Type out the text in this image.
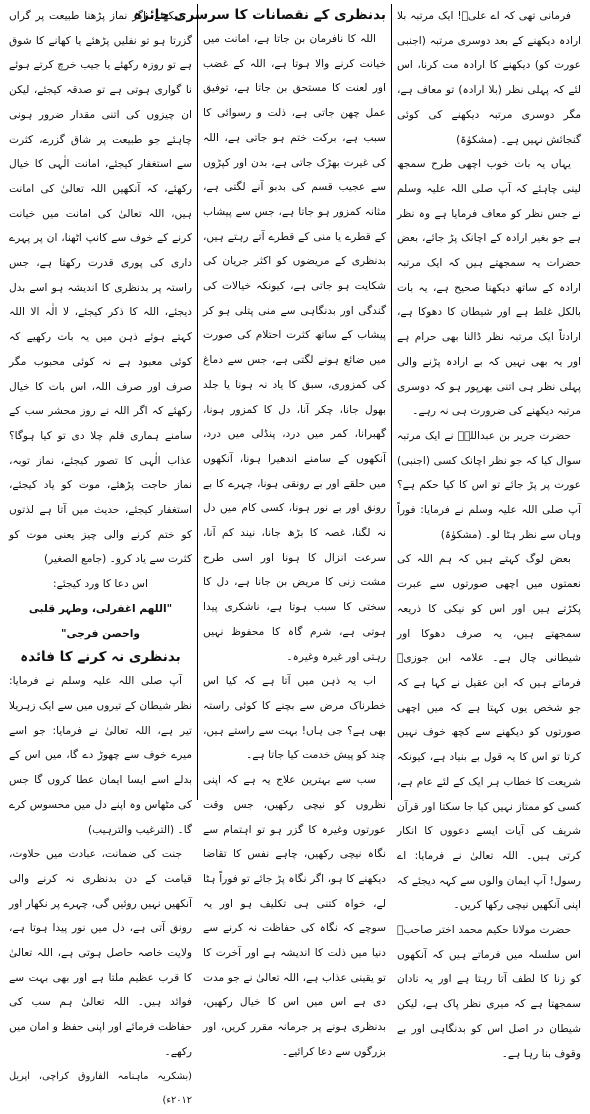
فرمانی تھی کہ اے علیؓ! ایک مرتبہ بلا ارادہ دیکھنے کے بعد دوسری مرتبہ (اجنبی عورت کو) دیکھنے کا ارادہ مت کرنا، اس لئے کہ پہلی نظر (بلا ارادہ) تو معاف ہے، مگر دوسری مرتبہ دیکھنے کی کوئی گنجائش نہیں ہے۔ (مشکوٰۃ)

یہاں یہ بات خوب اچھی طرح سمجھ لینی چاہئے کہ آپ صلی اللہ علیہ وسلم نے جس نظر کو معاف فرمایا ہے وہ نظر ہے جو بغیر ارادہ کے اچانک پڑ جائے، بعض حضرات یہ سمجھتے ہیں کہ ایک مرتبہ ارادہ کے ساتھ دیکھنا صحیح ہے، یہ بات بالکل غلط ہے اور شیطان کا دھوکا ہے، ارادتاً ایک مرتبہ نظر ڈالنا بھی حرام ہے اور یہ بھی نہیں کہ بے ارادہ پڑنے والی پہلی نظر ہی اتنی بھرپور ہو کہ دوسری مرتبہ دیکھنے کی ضرورت ہی نہ رہے۔

حضرت جریر بن عبداللہؓ نے ایک مرتبہ سوال کیا کہ جو نظر اچانک کسی (اجنبی) عورت پر پڑ جائے تو اس کا کیا حکم ہے؟ آپ صلی اللہ علیہ وسلم نے فرمایا: فوراً وہاں سے نظر ہٹا لو۔ (مشکوٰۃ)

بعض لوگ کہتے ہیں کہ ہم اللہ کی نعمتوں میں اچھی صورتوں سے عبرت پکڑتے ہیں اور اس کو نیکی کا ذریعہ سمجھتے ہیں، یہ صرف دھوکا اور شیطانی چال ہے۔ علامہ ابن جوزیؒ فرماتے ہیں کہ ابن عقیل نے کہا ہے کہ جو شخص یوں کہتا ہے کہ میں اچھی صورتوں کو دیکھنے سے کچھ خوف نہیں کرتا تو اس کا یہ قول بے بنیاد ہے، کیونکہ شریعت کا خطاب ہر ایک کے لئے عام ہے، کسی کو ممتاز نہیں کیا جا سکتا اور قرآن شریف کی آیات ایسے دعووں کا انکار کرتی ہیں۔ اللہ تعالیٰ نے فرمایا: اے رسول! آپ ایمان والوں سے کہہ دیجئے کہ اپنی آنکھیں نیچی رکھا کریں۔

حضرت مولانا حکیم محمد اختر صاحبؒ اس سلسلہ میں فرماتے ہیں کہ آنکھوں کو زنا کا لطف آتا رہتا ہے اور یہ نادان سمجھتا ہے کہ میری نظر پاک ہے، لیکن شیطان در اصل اس کو بدنگاہی اور بے وقوف بنا رہا ہے۔

بدنظری کے نقصانات کا سرسری جائزہ

اللہ کا نافرمان بن جاتا ہے، امانت میں خیانت کرنے والا ہوتا ہے، اللہ کے غضب اور لعنت کا مستحق بن جاتا ہے، توفیق عمل چھن جاتی ہے، ذلت و رسوائی کا سبب ہے، برکت ختم ہو جاتی ہے، اللہ کی غیرت بھڑک جاتی ہے، بدن اور کپڑوں سے عجیب قسم کی بدبو آنے لگتی ہے، مثانہ کمزور ہو جاتا ہے، جس سے پیشاب کے قطرے یا منی کے قطرے آتے رہتے ہیں، بدنظری کے مریضوں کو اکثر جریان کی شکایت ہو جاتی ہے، کیونکہ خیالات کی گندگی اور بدنگاہی سے منی پتلی ہو کر پیشاب کے ساتھ کثرت احتلام کی صورت میں ضائع ہونے لگتی ہے، جس سے دماغ کی کمزوری، سبق کا یاد نہ ہونا یا جلد بھول جانا، چکر آنا، دل کا کمزور ہونا، گھبرانا، کمر میں درد، پنڈلی میں درد، آنکھوں کے سامنے اندھیرا ہونا، آنکھوں میں حلقے اور بے رونقی ہونا، چہرے کا بے رونق اور بے نور ہونا، کسی کام میں دل نہ لگنا، غصہ کا بڑھ جانا، نیند کم آنا، سرعت انزال کا ہونا اور اسی طرح مشت زنی کا مریض بن جانا ہے، دل کا سختی کا سبب ہوتا ہے، ناشکری پیدا ہوتی ہے، شرم گاہ کا محفوظ نہیں رہتی اور غیرہ وغیرہ۔

اب یہ ذہن میں آتا ہے کہ کیا اس خطرناک مرض سے بچنے کا کوئی راستہ بھی ہے؟ جی ہاں! بہت سے راستے ہیں، چند کو پیش خدمت کیا جاتا ہے۔

سب سے بہترین علاج یہ ہے کہ اپنی نظروں کو نیچی رکھیں، جس وقت عورتوں وغیرہ کا گزر ہو تو اہتمام سے نگاہ نیچی رکھیں، چاہے نفس کا تقاضا دیکھنے کا ہو، اگر نگاہ پڑ جائے تو فوراً ہٹا لے، خواہ کتنی ہی تکلیف ہو اور یہ سوچے کہ نگاہ کی حفاظت نہ کرنے سے دنیا میں ذلت کا اندیشہ ہے اور آخرت کا تو یقینی عذاب ہے، اللہ تعالیٰ نے جو مدت دی ہے اس میں اس کا خیال رکھیں، بدنظری ہونے پر جرمانہ مقرر کریں، اور بزرگوں سے دعا کرائیے۔

دیکھئے، اگر نماز پڑھنا طبیعت پر گراں گزرتا ہو تو نفلیں پڑھئے یا کھانے کا شوق ہے تو روزہ رکھئے یا جیب خرچ کرتے ہوئے نا گواری ہوتی ہے تو صدقہ کیجئے، لیکن ان چیزوں کی اتنی مقدار ضرور ہونی چاہئے جو طبیعت پر شاق گزرے، کثرت سے استغفار کیجئے، امانت الٰہی کا خیال رکھئے، کہ آنکھیں اللہ تعالیٰ کی امانت ہیں، اللہ تعالیٰ کی امانت میں خیانت کرنے کے خوف سے کانپ اٹھنا، ان پر پہرے داری کی پوری قدرت رکھتا ہے، جس راستہ پر بدنظری کا اندیشہ ہو اسے بدل دیجئے، اللہ کا ذکر کیجئے، لا الٰہ الا اللہ کہتے ہوئے ذہن میں یہ بات رکھیے کہ کوئی معبود ہے نہ کوئی محبوب مگر صرف اور صرف اللہ، اس بات کا خیال رکھئے کہ اگر اللہ نے روز محشر سب کے سامنے ہماری فلم چلا دی تو کیا ہوگا؟ عذاب الٰہی کا تصور کیجئے، نماز توبہ، نماز حاجت پڑھئے، موت کو یاد کیجئے، استغفار کیجئے، حدیث میں آتا ہے لذتوں کو ختم کرنے والی چیز یعنی موت کو کثرت سے یاد کرو۔ (جامع الصغیر)

اس دعا کا ورد کیجئے:

"اللھم اغفرلی، وطہر قلبی واحصن فرجی"

بدنظری نہ کرنے کا فائدہ

آپ صلی اللہ علیہ وسلم نے فرمایا: نظر شیطان کے تیروں میں سے ایک زہریلا تیر ہے، اللہ تعالیٰ نے فرمایا: جو اسے میرے خوف سے چھوڑ دے گا، میں اس کے بدلے اسے ایسا ایمان عطا کروں گا جس کی مٹھاس وہ اپنے دل میں محسوس کرے گا۔ (الترغیب والترہیب)

جنت کی ضمانت، عبادت میں حلاوت، قیامت کے دن بدنظری نہ کرنے والی آنکھیں نہیں روئیں گی، چہرے پر نکھار اور رونق آتی ہے، دل میں نور پیدا ہوتا ہے، ولایت خاصہ حاصل ہوتی ہے، اللہ تعالیٰ کا قرب عظیم ملتا ہے اور بھی بہت سے فوائد ہیں۔ اللہ تعالیٰ ہم سب کی حفاظت فرمائے اور اپنی حفظ و امان میں رکھے۔

(بشکریہ ماہنامہ الفاروق کراچی، اپریل ۲۰۱۲ء)
